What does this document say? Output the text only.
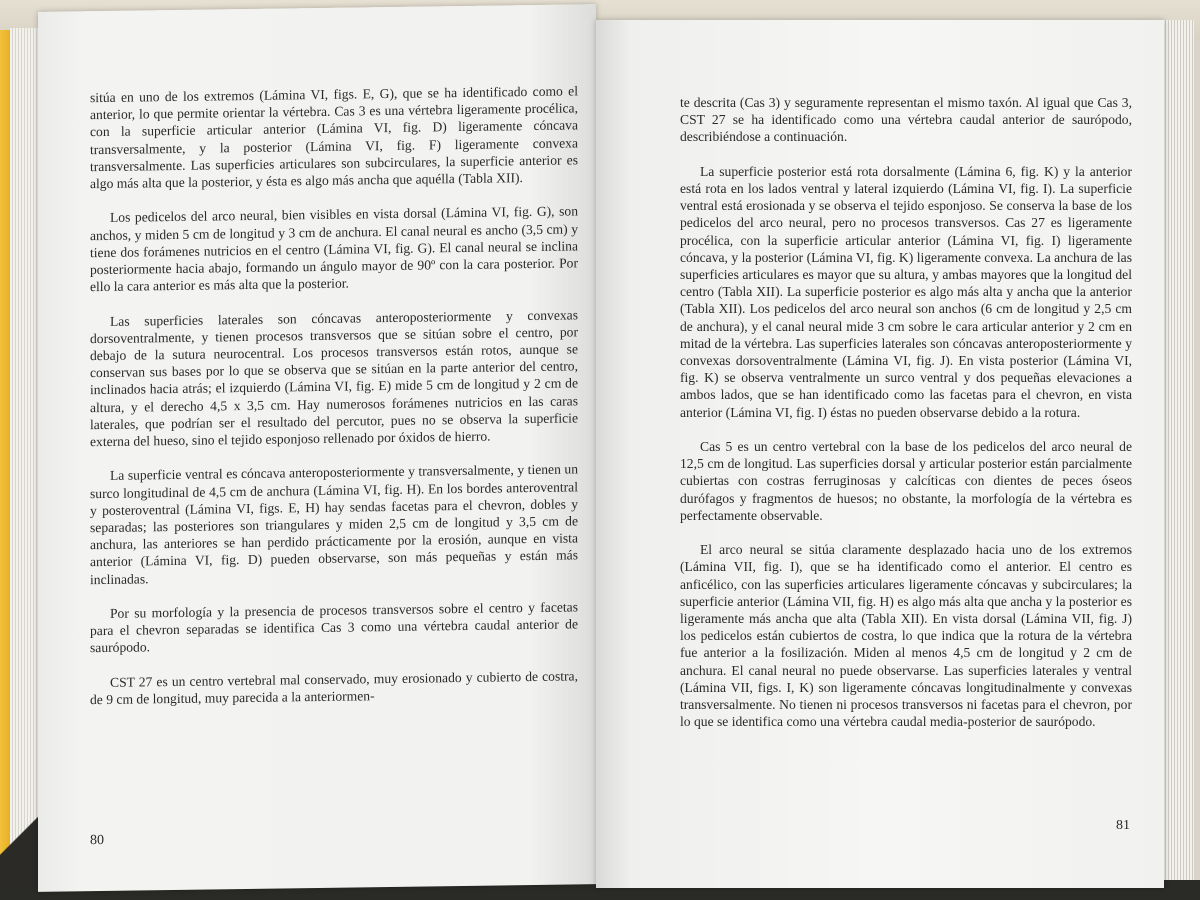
sitúa en uno de los extremos (Lámina VI, figs. E, G), que se ha identificado como el anterior, lo que permite orientar la vértebra. Cas 3 es una vértebra ligeramente procélica, con la superficie articular anterior (Lámina VI, fig. D) ligeramente cóncava transversalmente, y la posterior (Lámina VI, fig. F) ligeramente convexa transversalmente. Las superficies articulares son subcirculares, la superficie anterior es algo más alta que la posterior, y ésta es algo más ancha que aquélla (Tabla XII).

Los pedicelos del arco neural, bien visibles en vista dorsal (Lámina VI, fig. G), son anchos, y miden 5 cm de longitud y 3 cm de anchura. El canal neural es ancho (3,5 cm) y tiene dos forámenes nutricios en el centro (Lámina VI, fig. G). El canal neural se inclina posteriormente hacia abajo, formando un ángulo mayor de 90º con la cara posterior. Por ello la cara anterior es más alta que la posterior.

Las superficies laterales son cóncavas anteroposteriormente y convexas dorsoventralmente, y tienen procesos transversos que se sitúan sobre el centro, por debajo de la sutura neurocentral. Los procesos transversos están rotos, aunque se conservan sus bases por lo que se observa que se sitúan en la parte anterior del centro, inclinados hacia atrás; el izquierdo (Lámina VI, fig. E) mide 5 cm de longitud y 2 cm de altura, y el derecho 4,5 x 3,5 cm. Hay numerosos forámenes nutricios en las caras laterales, que podrían ser el resultado del percutor, pues no se observa la superficie externa del hueso, sino el tejido esponjoso rellenado por óxidos de hierro.

La superficie ventral es cóncava anteroposteriormente y transversalmente, y tienen un surco longitudinal de 4,5 cm de anchura (Lámina VI, fig. H). En los bordes anteroventral y posteroventral (Lámina VI, figs. E, H) hay sendas facetas para el chevron, dobles y separadas; las posteriores son triangulares y miden 2,5 cm de longitud y 3,5 cm de anchura, las anteriores se han perdido prácticamente por la erosión, aunque en vista anterior (Lámina VI, fig. D) pueden observarse, son más pequeñas y están más inclinadas.

Por su morfología y la presencia de procesos transversos sobre el centro y facetas para el chevron separadas se identifica Cas 3 como una vértebra caudal anterior de saurópodo.

CST 27 es un centro vertebral mal conservado, muy erosionado y cubierto de costra, de 9 cm de longitud, muy parecida a la anteriormen-

80

te descrita (Cas 3) y seguramente representan el mismo taxón. Al igual que Cas 3, CST 27 se ha identificado como una vértebra caudal anterior de saurópodo, describiéndose a continuación.

La superficie posterior está rota dorsalmente (Lámina 6, fig. K) y la anterior está rota en los lados ventral y lateral izquierdo (Lámina VI, fig. I). La superficie ventral está erosionada y se observa el tejido esponjoso. Se conserva la base de los pedicelos del arco neural, pero no procesos transversos. Cas 27 es ligeramente procélica, con la superficie articular anterior (Lámina VI, fig. I) ligeramente cóncava, y la posterior (Lámina VI, fig. K) ligeramente convexa. La anchura de las superficies articulares es mayor que su altura, y ambas mayores que la longitud del centro (Tabla XII). La superficie posterior es algo más alta y ancha que la anterior (Tabla XII). Los pedicelos del arco neural son anchos (6 cm de longitud y 2,5 cm de anchura), y el canal neural mide 3 cm sobre le cara articular anterior y 2 cm en mitad de la vértebra. Las superficies laterales son cóncavas anteroposteriormente y convexas dorsoventralmente (Lámina VI, fig. J). En vista posterior (Lámina VI, fig. K) se observa ventralmente un surco ventral y dos pequeñas elevaciones a ambos lados, que se han identificado como las facetas para el chevron, en vista anterior (Lámina VI, fig. I) éstas no pueden observarse debido a la rotura.

Cas 5 es un centro vertebral con la base de los pedicelos del arco neural de 12,5 cm de longitud. Las superficies dorsal y articular posterior están parcialmente cubiertas con costras ferruginosas y calcíticas con dientes de peces óseos durófagos y fragmentos de huesos; no obstante, la morfología de la vértebra es perfectamente observable.

El arco neural se sitúa claramente desplazado hacia uno de los extremos (Lámina VII, fig. I), que se ha identificado como el anterior. El centro es anficélico, con las superficies articulares ligeramente cóncavas y subcirculares; la superficie anterior (Lámina VII, fig. H) es algo más alta que ancha y la posterior es ligeramente más ancha que alta (Tabla XII). En vista dorsal (Lámina VII, fig. J) los pedicelos están cubiertos de costra, lo que indica que la rotura de la vértebra fue anterior a la fosilización. Miden al menos 4,5 cm de longitud y 2 cm de anchura. El canal neural no puede observarse. Las superficies laterales y ventral (Lámina VII, figs. I, K) son ligeramente cóncavas longitudinalmente y convexas transversalmente. No tienen ni procesos transversos ni facetas para el chevron, por lo que se identifica como una vértebra caudal media-posterior de saurópodo.

81
